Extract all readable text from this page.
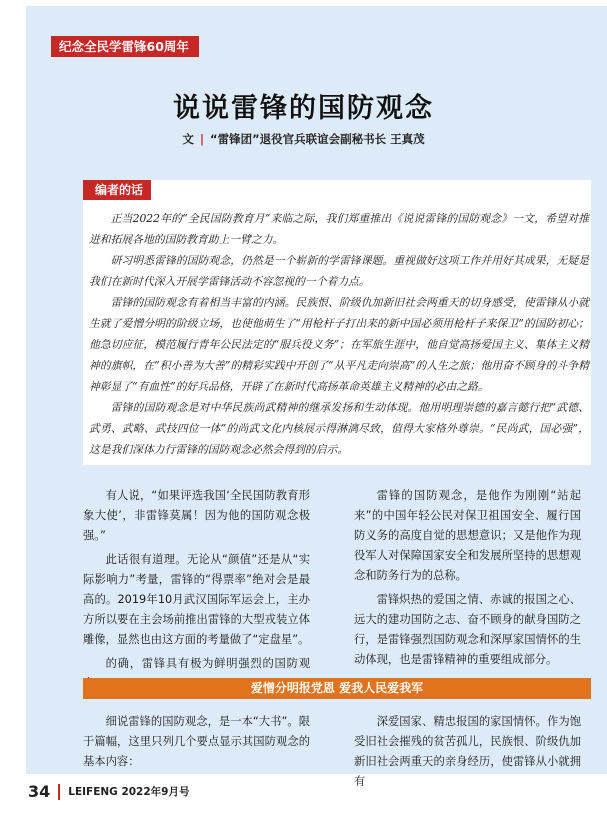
纪念全民学雷锋60周年
说说雷锋的国防观念
文 | “雷锋团”退役官兵联谊会副秘书长 王真茂
编者的话

正当2022年的“全民国防教育月”来临之际，我们郑重推出《说说雷锋的国防观念》一文，希望对推进和拓展各地的国防教育助上一臂之力。

研习明悉雷锋的国防观念，仍然是一个崭新的学雷锋课题。重视做好这项工作并用好其成果，无疑是我们在新时代深入开展学雷锋活动不容忽视的一个着力点。

雷锋的国防观念有着相当丰富的内涵。民族恨、阶级仇加新旧社会两重天的切身感受，使雷锋从小就生就了爱憎分明的阶级立场，也使他萌生了“用枪杆子打出来的新中国必须用枪杆子来保卫”的国防初心；他急切应征，模范履行青年公民法定的“服兵役义务”；在军旅生涯中，他自觉高扬爱国主义、集体主义精神的旗帜，在“积小善为大善”的精彩实践中开创了“从平凡走向崇高”的人生之旅；他用奋不顾身的斗争精神彰显了“有血性”的好兵品格，开辟了在新时代高扬革命英雄主义精神的必由之路。

雷锋的国防观念是对中华民族尚武精神的继承发扬和生动体现。他用明理崇德的嘉言懿行把“武德、武勇、武略、武技四位一体”的尚武文化内核展示得淋漓尽致，值得大家格外尊崇。“民尚武，国必强”，这是我们深体力行雷锋的国防观念必然会得到的启示。

有人说，“如果评选我国‘全民国防教育形象大使’，非雷锋莫属！因为他的国防观念极强。”

此话很有道理。无论从“颜值”还是从“实际影响力”考量，雷锋的“得票率”绝对会是最高的。2019年10月武汉国际军运会上，主办方所以要在主会场前推出雷锋的大型戎装立体雕像，显然也由这方面的考量做了“定盘星”。

的确，雷锋具有极为鲜明强烈的国防观

雷锋的国防观念，是他作为刚刚“站起来”的中国年轻公民对保卫祖国安全、履行国防义务的高度自觉的思想意识；又是他作为现役军人对保障国家安全和发展所坚持的思想观念和防务行为的总称。

雷锋炽热的爱国之情、赤诚的报国之心、远大的建功国防之志、奋不顾身的献身国防之行，是雷锋强烈国防观念和深厚家国情怀的生动体现，也是雷锋精神的重要组成部分。

爱憎分明报党恩 爱我人民爱我军

细说雷锋的国防观念，是一本“大书”。限于篇幅，这里只列几个要点显示其国防观念的基本内容：

深爱国家、精忠报国的家国情怀。作为饱受旧社会摧残的贫苦孤儿，民族恨、阶级仇加新旧社会两重天的亲身经历，使雷锋从小就拥有

34 LEIFENG 2022年9月号
